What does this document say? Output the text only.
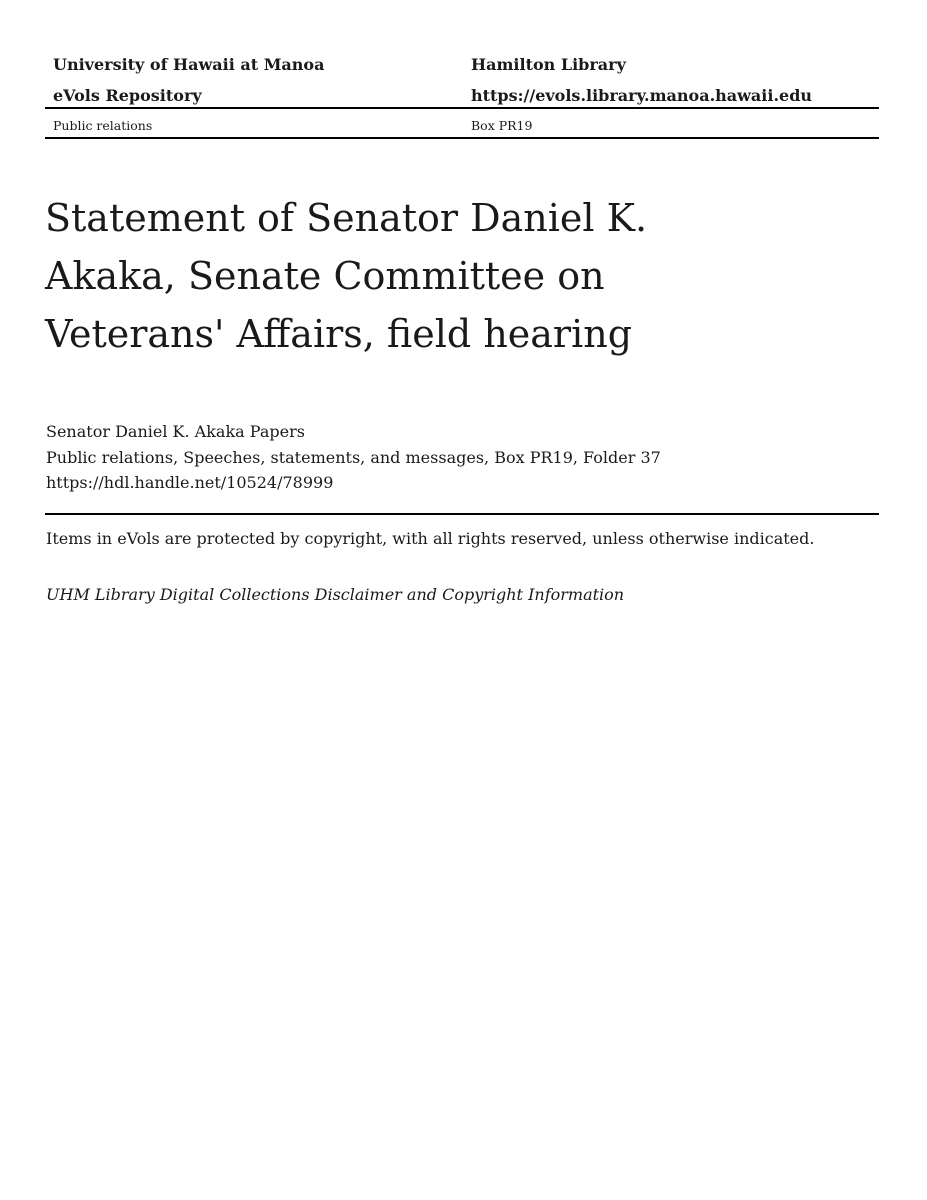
University of Hawaii at Manoa	Hamilton Library
eVols Repository	https://evols.library.manoa.hawaii.edu
Public relations	Box PR19
Statement of Senator Daniel K. Akaka, Senate Committee on Veterans' Affairs, field hearing
Senator Daniel K. Akaka Papers
Public relations, Speeches, statements, and messages, Box PR19, Folder 37
https://hdl.handle.net/10524/78999
Items in eVols are protected by copyright, with all rights reserved, unless otherwise indicated.
UHM Library Digital Collections Disclaimer and Copyright Information
